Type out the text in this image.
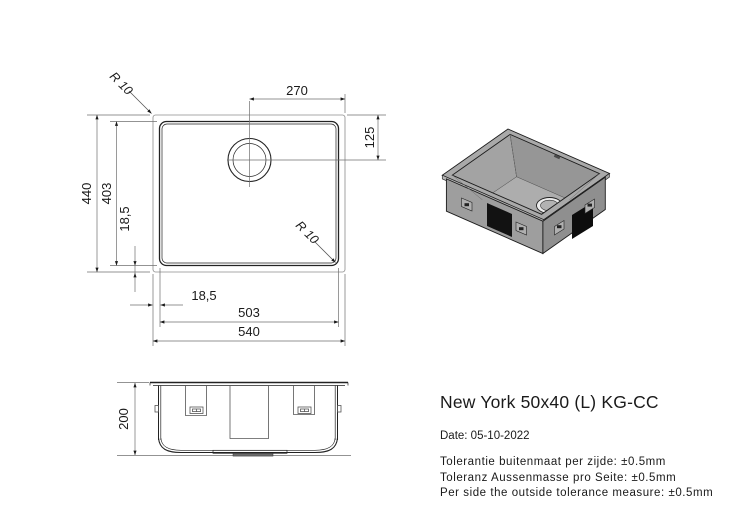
270
125
440 403
18,5
18,5
503
540
R 10
R 10
200
New York 50x40 (L) KG-CC
Date: 05-10-2022
Tolerantie buitenmaat per zijde: ±0.5mm
Toleranz Aussenmasse pro Seite: ±0.5mm
Per side the outside tolerance measure: ±0.5mm
